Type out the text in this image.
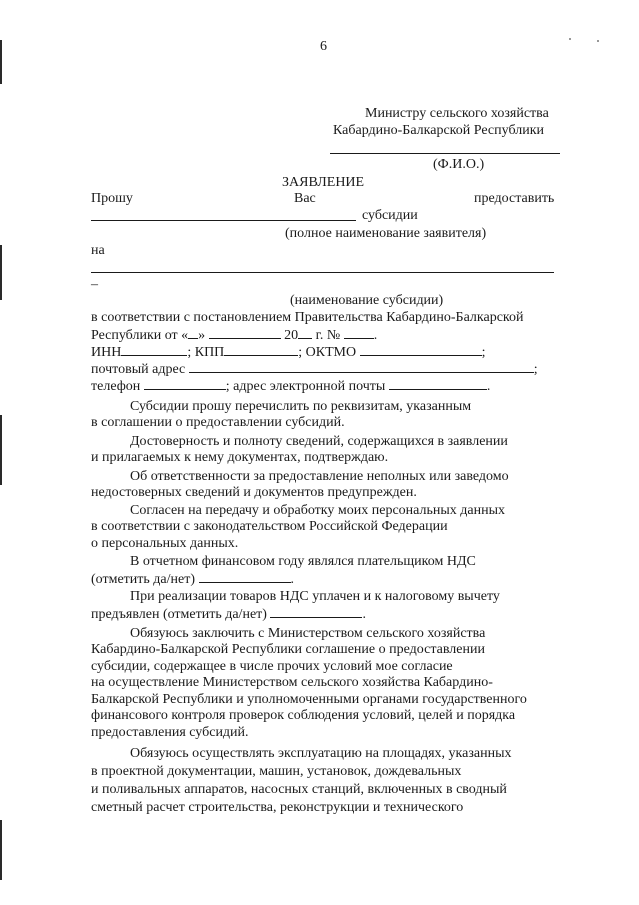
6
Министру сельского хозяйства
Кабардино-Балкарской Республики
(Ф.И.О.)
ЗАЯВЛЕНИЕ
Прошу	Вас	предоставить
субсидии
(полное наименование заявителя)
на
–
(наименование субсидии)
в соответствии с постановлением Правительства Кабардино-Балкарской
Республики от « »	20 г. № .
ИНН	; КПП	; ОКТМО	;
почтовый адрес	;
телефон	; адрес электронной почты	.
Субсидии прошу перечислить по реквизитам, указанным
в соглашении о предоставлении субсидий.
Достоверность и полноту сведений, содержащихся в заявлении
и прилагаемых к нему документах, подтверждаю.
Об ответственности за предоставление неполных или заведомо
недостоверных сведений и документов предупрежден.
Согласен на передачу и обработку моих персональных данных
в соответствии с законодательством Российской Федерации
о персональных данных.
В отчетном финансовом году являлся плательщиком НДС
(отметить да/нет)	.
При реализации товаров НДС уплачен и к налоговому вычету
предъявлен (отметить да/нет)	.
Обязуюсь заключить с Министерством сельского хозяйства
Кабардино-Балкарской Республики соглашение о предоставлении
субсидии, содержащее в числе прочих условий мое согласие
на осуществление Министерством сельского хозяйства Кабардино-
Балкарской Республики и уполномоченными органами государственного
финансового контроля проверок соблюдения условий, целей и порядка
предоставления субсидий.
Обязуюсь осуществлять эксплуатацию на площадях, указанных
в проектной документации, машин, установок, дождевальных
и поливальных аппаратов, насосных станций, включенных в сводный
сметный расчет строительства, реконструкции и технического
